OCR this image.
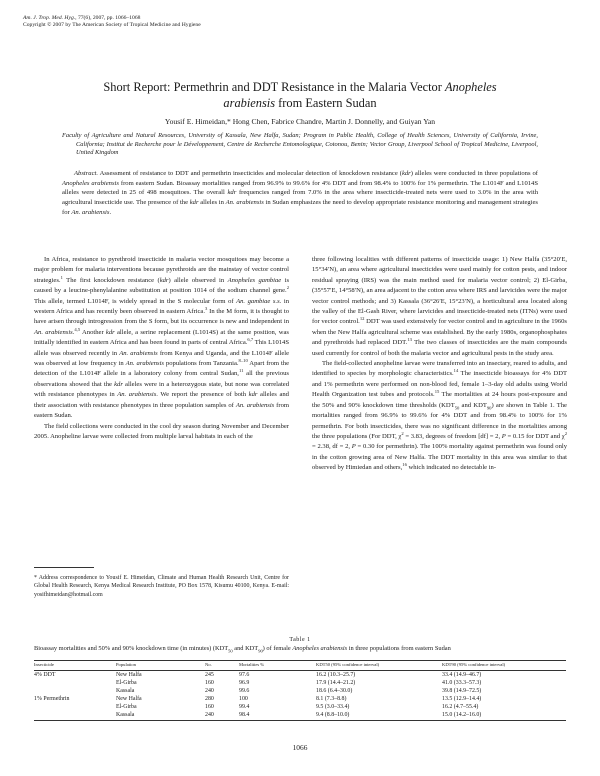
Am. J. Trop. Med. Hyg., 77(6), 2007, pp. 1066–1068
Copyright © 2007 by The American Society of Tropical Medicine and Hygiene
Short Report: Permethrin and DDT Resistance in the Malaria Vector Anopheles
arabiensis from Eastern Sudan
Yousif E. Himeidan,* Hong Chen, Fabrice Chandre, Martin J. Donnelly, and Guiyan Yan

Faculty of Agriculture and Natural Resources, University of Kassala, New Halfa, Sudan; Program in Public Health, College of Health Sciences, University of California, Irvine, California; Institut de Recherche pour le Développement, Centre de Recherche Entomologique, Cotonou, Benin; Vector Group, Liverpool School of Tropical Medicine, Liverpool, United Kingdom

Abstract. Assessment of resistance to DDT and permethrin insecticides and molecular detection of knockdown resistance (kdr) alleles were conducted in three populations of Anopheles arabiensis from eastern Sudan. Bioassay mortalities ranged from 96.9% to 99.6% for 4% DDT and from 98.4% to 100% for 1% permethrin. The L1014F and L1014S alleles were detected in 25 of 498 mosquitoes. The overall kdr frequencies ranged from 7.0% in the area where insecticide-treated nets were used to 3.0% in the area with agricultural insecticide use. The presence of the kdr alleles in An. arabiensis in Sudan emphasizes the need to develop appropriate resistance monitoring and management strategies for An. arabiensis.

In Africa, resistance to pyrethroid insecticide in malaria vector mosquitoes may become a major problem for malaria interventions because pyrethroids are the mainstay of vector control strategies.$^1$ The first knockdown resistance (kdr) allele observed in Anopheles gambiae is caused by a leucine-phenylalanine substitution at position 1014 of the sodium channel gene.$^2$ This allele, termed L1014F, is widely spread in the S molecular form of An. gambiae s.s. in western Africa and has recently been observed in eastern Africa.$^3$ In the M form, it is thought to have arisen through introgression from the S form, but its occurrence is new and independent in An. arabiensis.$^{4,5}$ Another kdr allele, a serine replacement (L1014S) at the same position, was initially identified in eastern Africa and has been found in parts of central Africa.$^{6,7}$ This L1014S allele was observed recently in An. arabiensis from Kenya and Uganda, and the L1014F allele was observed at low frequency in An. arabiensis populations from Tanzania.$^{8-10}$ Apart from the detection of the L1014F allele in a laboratory colony from central Sudan,$^{11}$ all the previous observations showed that the kdr alleles were in a heterozygous state, but none was correlated with resistance phenotypes in An. arabiensis. We report the presence of both kdr alleles and their association with resistance phenotypes in three population samples of An. arabiensis from eastern Sudan.

The field collections were conducted in the cool dry season during November and December 2005. Anopheline larvae were collected from multiple larval habitats in each of the

three following localities with different patterns of insecticide usage: 1) New Halfa (35°20′E, 15°34′N), an area where agricultural insecticides were used mainly for cotton pests, and indoor residual spraying (IRS) was the main method used for malaria vector control; 2) El-Girba, (35°57′E, 14°58′N), an area adjacent to the cotton area where IRS and larvicides were the major vector control methods; and 3) Kassala (36°26′E, 15°23′N), a horticultural area located along the valley of the El-Gash River, where larvicides and insecticide-treated nets (ITNs) were used for vector control.$^{12}$ DDT was used extensively for vector control and in agriculture in the 1960s when the New Halfa agricultural scheme was established. By the early 1980s, organophosphates and pyrethroids had replaced DDT.$^{13}$ The two classes of insecticides are the main compounds used currently for control of both the malaria vector and agricultural pests in the study area.

The field-collected anopheline larvae were transferred into an insectary, reared to adults, and identified to species by morphologic characteristics.$^{14}$ The insecticide bioassays for 4% DDT and 1% permethrin were performed on non-blood fed, female 1–3-day old adults using World Health Organization test tubes and protocols.$^{15}$ The mortalities at 24 hours post-exposure and the 50% and 90% knockdown time thresholds ($KDT_{50}$ and $KDT_{90}$) are shown in Table 1. The mortalities ranged from 96.9% to 99.6% for 4% DDT and from 98.4% to 100% for 1% permethrin. For both insecticides, there was no significant difference in the mortalities among the three populations (For DDT, $\chi^2 = 3.83$, degrees of freedom [df] = 2, P = 0.15 for DDT and $\chi^2 = 2.38$, df = 2, P = 0.30 for permethrin). The 100% mortality against permethrin was found only in the cotton growing area of New Halfa. The DDT mortality in this area was similar to that observed by Himiedan and others,$^{16}$ which indicated no detectable in-

* Address correspondence to Yousif E. Himeidan, Climate and Human Health Research Unit, Centre for Global Health Research, Kenya Medical Research Institute, PO Box 1578, Kisumu 40100, Kenya. E-mail: yosifhimeidan@hotmail.com
Table 1
Bioassay mortalities and 50% and 90% knockdown time (in minutes) ($KDT_{50}$ and $KDT_{90}$) of female Anopheles arabiensis in three populations from eastern Sudan
Insecticide	Population	No.	Mortalities %	KDT50 (95% confidence interval)	KDT90 (95% confidence interval)
4% DDT	New Halfa	245	97.6	16.2 (10.3–25.7)	33.4 (14.9–46.7)
	El-Girba	160	96.9	17.9 (14.4–21.2)	41.0 (33.3–57.3)
	Kassala	240	99.6	18.6 (6.4–30.0)	39.8 (14.9–72.5)
1% Permethrin	New Halfa	280	100	8.1 (7.3–8.8)	13.5 (12.9–14.4)
	El-Girba	160	99.4	9.5 (3.0–33.4)	16.2 (4.7–55.4)
	Kassala	240	98.4	9.4 (8.8–10.0)	15.0 (14.2–16.0)
1066
